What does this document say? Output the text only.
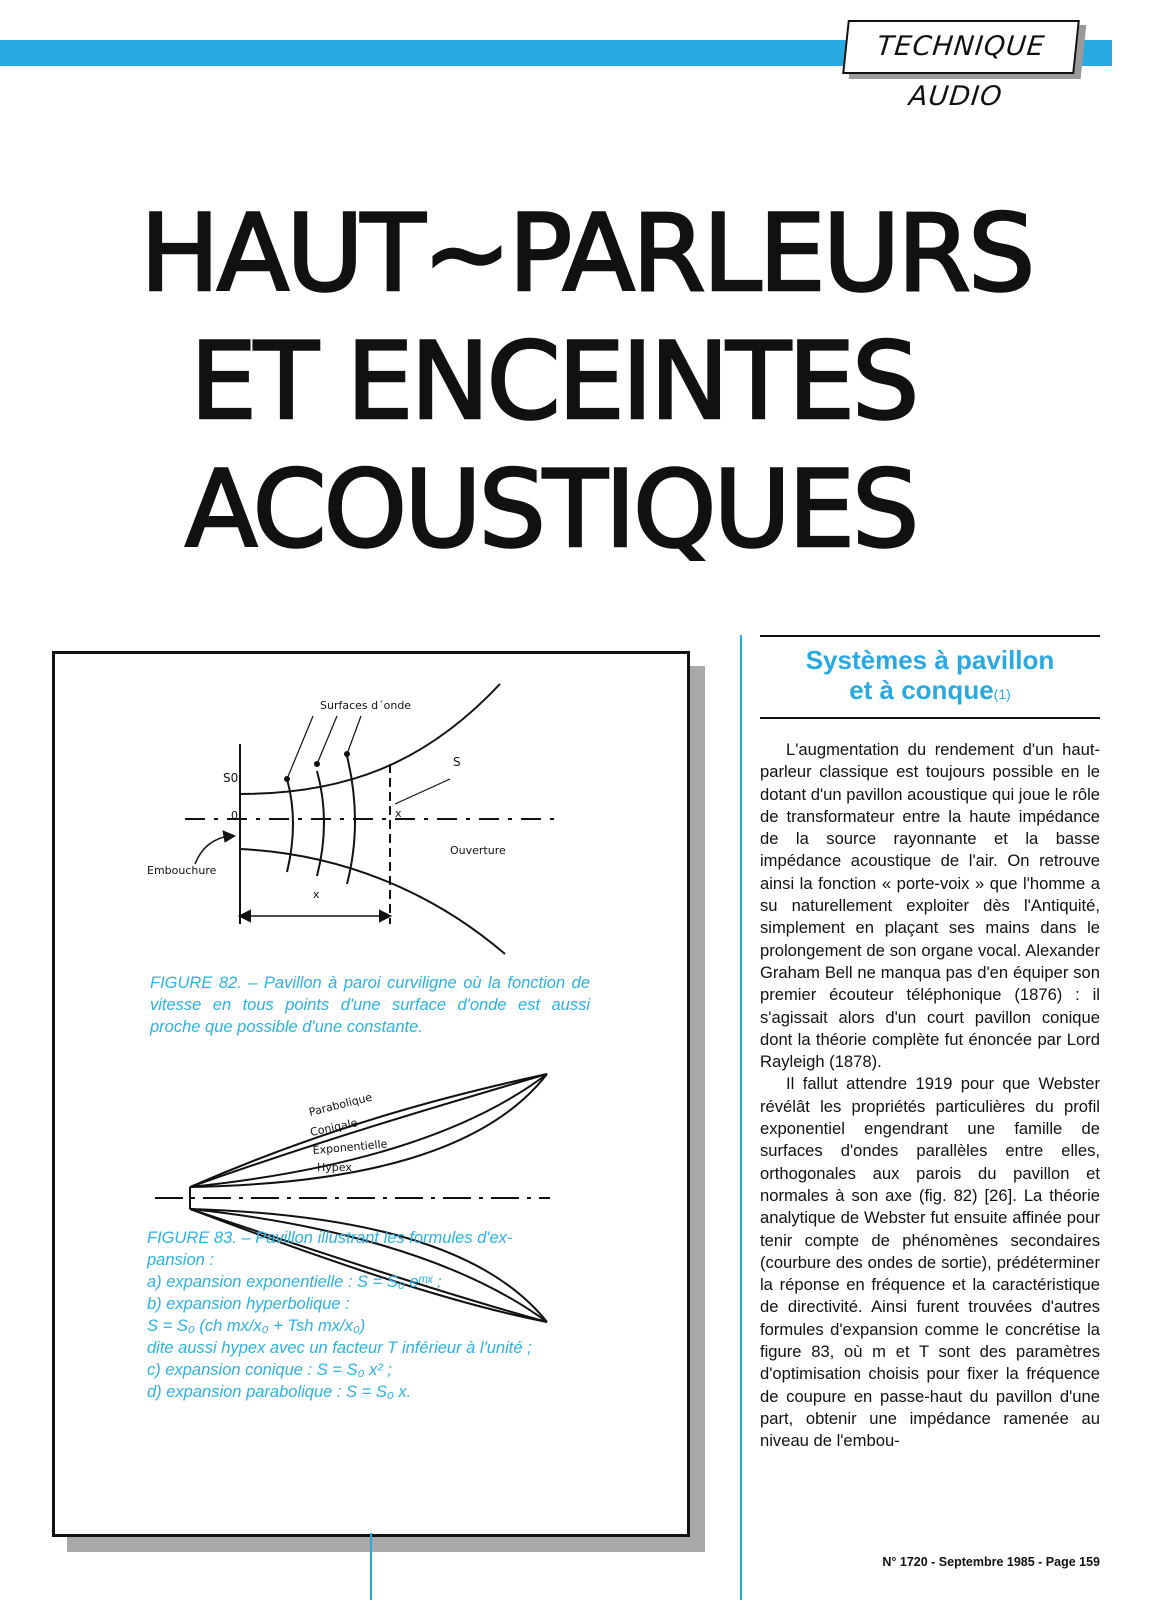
TECHNIQUE AUDIO
HAUT~PARLEURS
ET ENCEINTES
ACOUSTIQUES
Surfaces d´onde
S0
S
0	x
x
Ouverture
Embouchure
Parabolique
Coniqale
Exponentielle
Hypex
FIGURE 82. – Pavillon à paroi curviligne où la fonction de vitesse en tous points d'une surface d'onde est aussi proche que possible d'une constante.
FIGURE 83. – Pavillon illustrant les formules d'ex-
pansion :
a) expansion exponentielle : S = S₀ eᵐˣ ;
b) expansion hyperbolique :
S = S₀ (ch mx/x₀ + Tsh mx/x₀)
dite aussi hypex avec un facteur T inférieur à l'unité ;
c) expansion conique : S = S₀ x² ;
d) expansion parabolique : S = S₀ x.
Systèmes à pavillon
et à conque(1)

L'augmentation du rendement d'un haut-parleur classique est toujours possible en le dotant d'un pavillon acoustique qui joue le rôle de transformateur entre la haute impédance de la source rayonnante et la basse impédance acoustique de l'air. On retrouve ainsi la fonction « porte-voix » que l'homme a su naturellement exploiter dès l'Antiquité, simplement en plaçant ses mains dans le prolongement de son organe vocal. Alexander Graham Bell ne manqua pas d'en équiper son premier écouteur téléphonique (1876) : il s'agissait alors d'un court pavillon conique dont la théorie complète fut énoncée par Lord Rayleigh (1878).

Il fallut attendre 1919 pour que Webster révélât les propriétés particulières du profil exponentiel engendrant une famille de surfaces d'ondes parallèles entre elles, orthogonales aux parois du pavillon et normales à son axe (fig. 82) [26]. La théorie analytique de Webster fut ensuite affinée pour tenir compte de phénomènes secondaires (courbure des ondes de sortie), prédéterminer la réponse en fréquence et la caractéristique de directivité. Ainsi furent trouvées d'autres formules d'expansion comme le concrétise la figure 83, où m et T sont des paramètres d'optimisation choisis pour fixer la fréquence de coupure en passe-haut du pavillon d'une part, obtenir une impédance ramenée au niveau de l'embou-

N° 1720 - Septembre 1985 - Page 159
